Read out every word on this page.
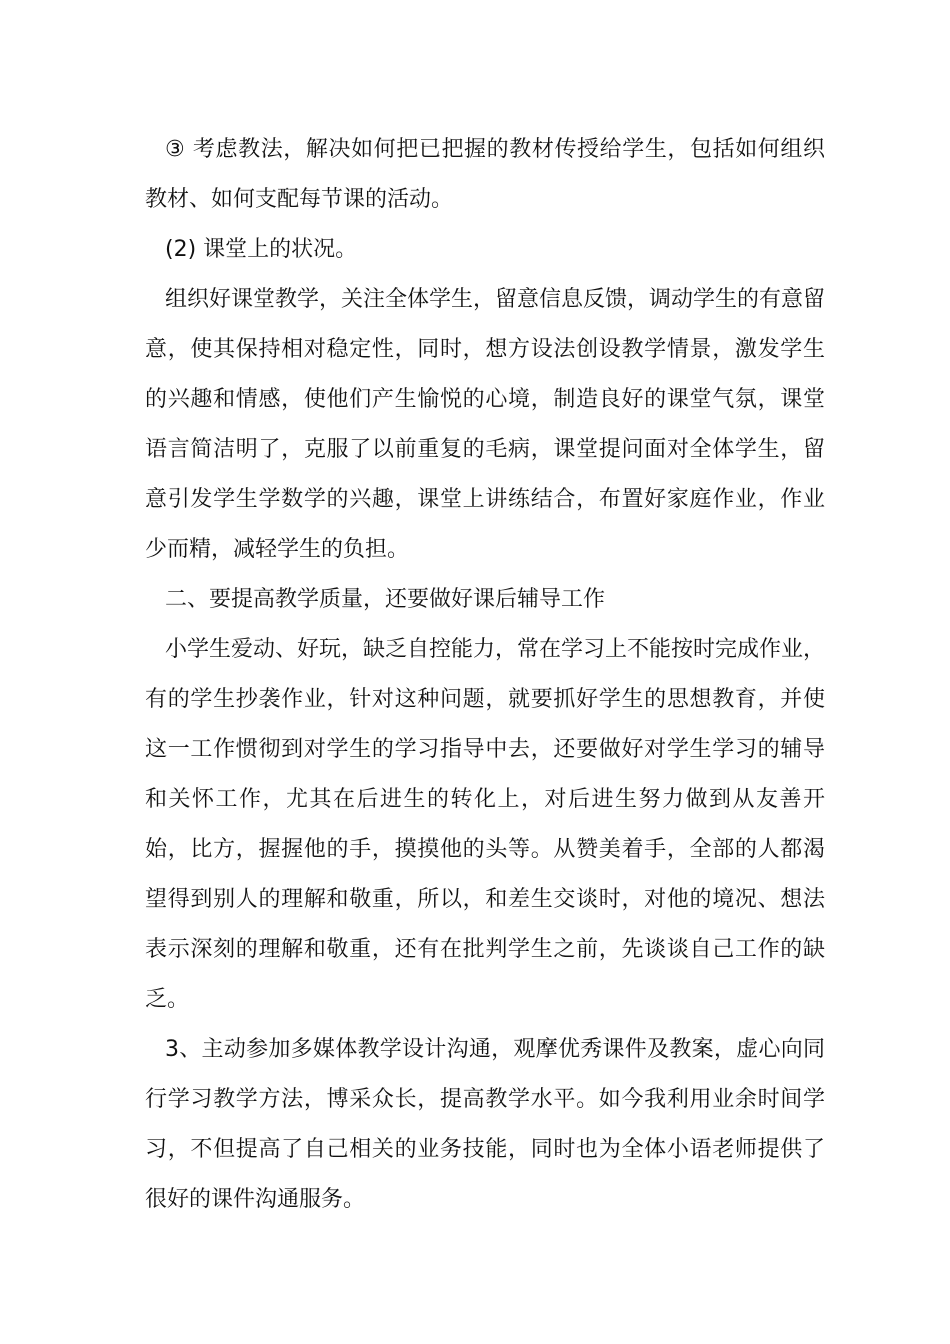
③ 考虑教法，解决如何把已把握的教材传授给学生，包括如何组织教材、如何支配每节课的活动。

(2) 课堂上的状况。

组织好课堂教学，关注全体学生，留意信息反馈，调动学生的有意留意，使其保持相对稳定性，同时，想方设法创设教学情景，激发学生的兴趣和情感，使他们产生愉悦的心境，制造良好的课堂气氛，课堂语言简洁明了，克服了以前重复的毛病，课堂提问面对全体学生，留意引发学生学数学的兴趣，课堂上讲练结合，布置好家庭作业，作业少而精，减轻学生的负担。

二、要提高教学质量，还要做好课后辅导工作

小学生爱动、好玩，缺乏自控能力，常在学习上不能按时完成作业，有的学生抄袭作业，针对这种问题，就要抓好学生的思想教育，并使这一工作惯彻到对学生的学习指导中去，还要做好对学生学习的辅导和关怀工作，尤其在后进生的转化上，对后进生努力做到从友善开始，比方，握握他的手，摸摸他的头等。从赞美着手，全部的人都渴望得到别人的理解和敬重，所以，和差生交谈时，对他的境况、想法表示深刻的理解和敬重，还有在批判学生之前，先谈谈自己工作的缺乏。

3、主动参加多媒体教学设计沟通，观摩优秀课件及教案，虚心向同行学习教学方法，博采众长，提高教学水平。如今我利用业余时间学习，不但提高了自己相关的业务技能，同时也为全体小语老师提供了很好的课件沟通服务。
